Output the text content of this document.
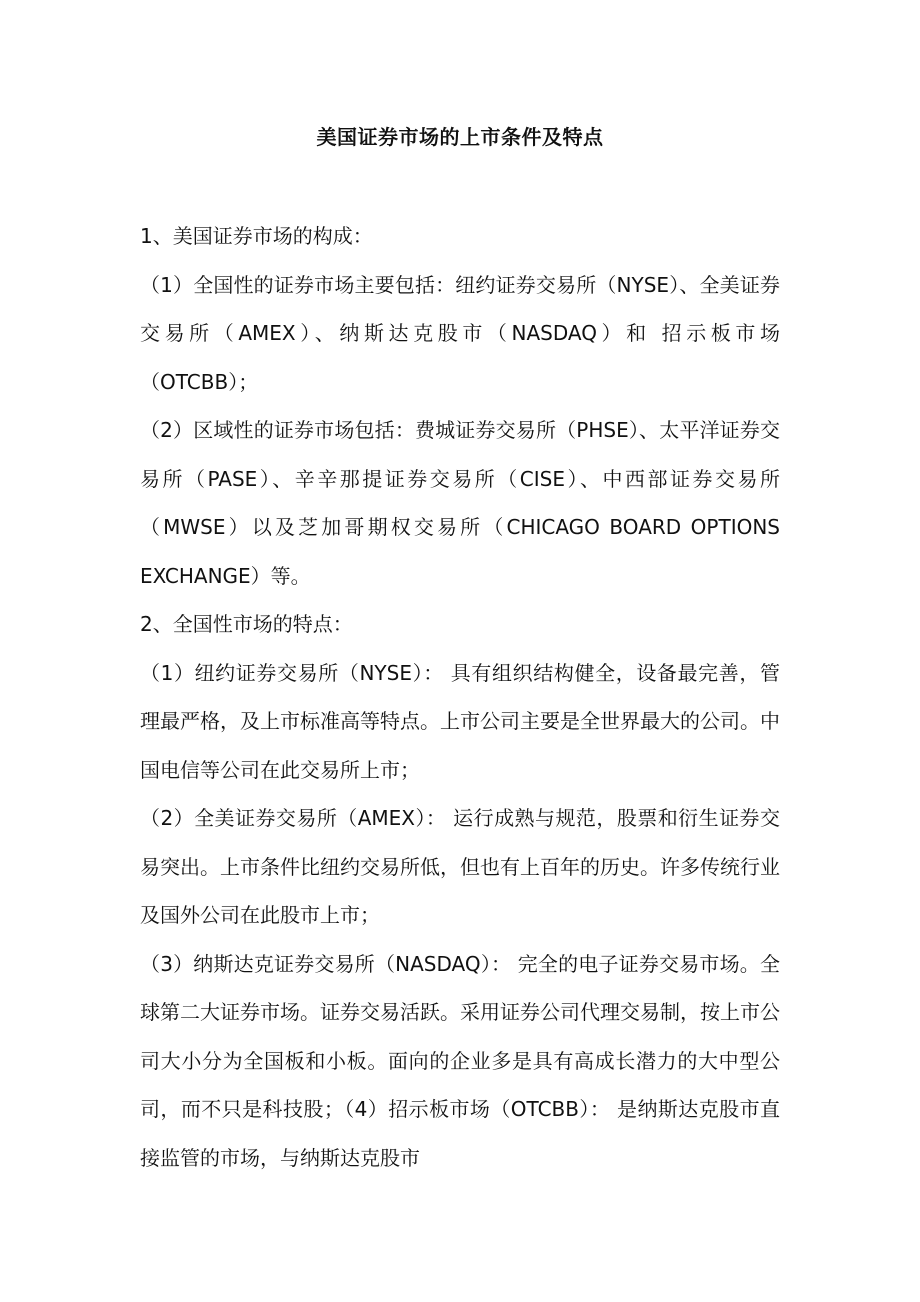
美国证券市场的上市条件及特点

1、美国证券市场的构成：

（1）全国性的证券市场主要包括：纽约证券交易所（NYSE）、全美证券交易所（AMEX）、纳斯达克股市（NASDAQ）和 招示板市场（OTCBB）；

（2）区域性的证券市场包括：费城证券交易所（PHSE）、太平洋证券交易所（PASE）、辛辛那提证券交易所（CISE）、中西部证券交易所（MWSE）以及芝加哥期权交易所（CHICAGO BOARD OPTIONS EXCHANGE）等。

2、全国性市场的特点：

（1）纽约证券交易所（NYSE）： 具有组织结构健全，设备最完善，管理最严格，及上市标准高等特点。上市公司主要是全世界最大的公司。中国电信等公司在此交易所上市；

（2）全美证券交易所（AMEX）： 运行成熟与规范，股票和衍生证券交易突出。上市条件比纽约交易所低，但也有上百年的历史。许多传统行业及国外公司在此股市上市；

（3）纳斯达克证券交易所（NASDAQ）： 完全的电子证券交易市场。全球第二大证券市场。证券交易活跃。采用证券公司代理交易制，按上市公司大小分为全国板和小板。面向的企业多是具有高成长潜力的大中型公司，而不只是科技股；（4）招示板市场（OTCBB）： 是纳斯达克股市直接监管的市场，与纳斯达克股市
